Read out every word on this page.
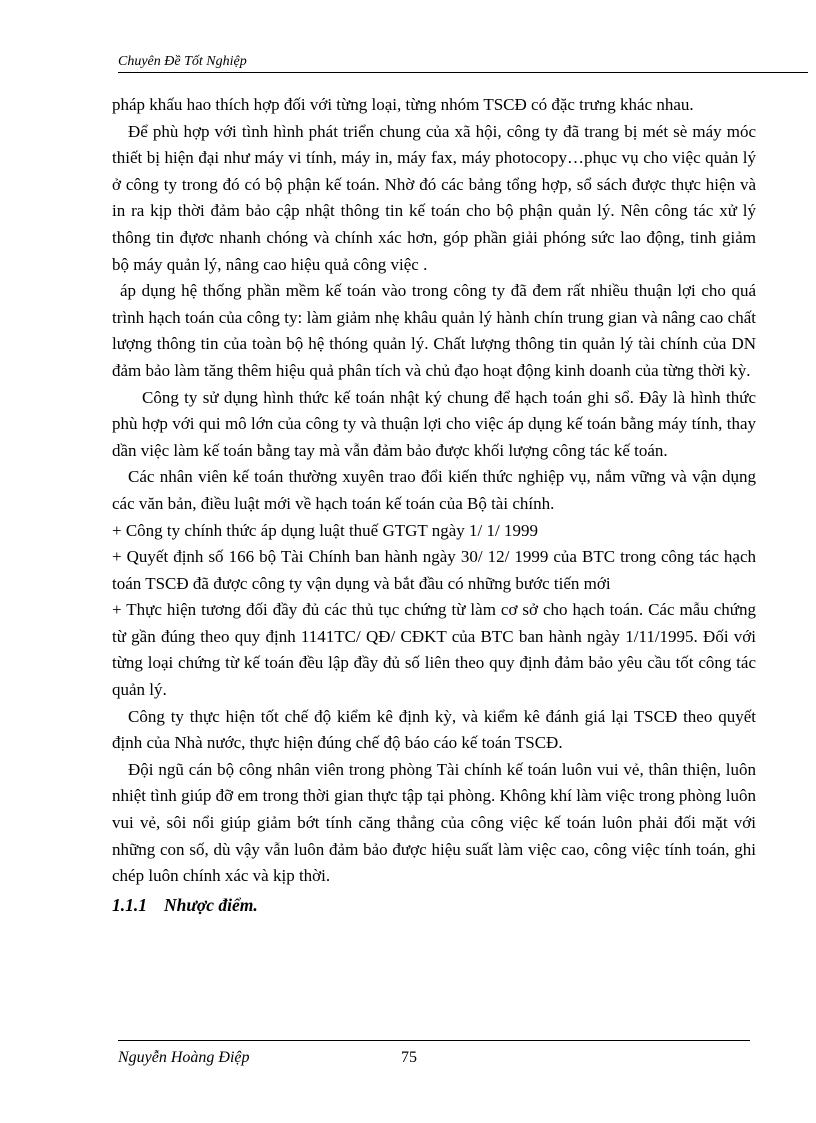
Chuyên Đề Tốt Nghiệp

pháp khấu hao thích hợp đối với từng loại, từng nhóm TSCĐ có đặc trưng khác nhau.

Để phù hợp với tình hình phát triển chung của xã hội, công ty đã trang bị mét sè máy móc thiết bị hiện đại như máy vi tính, máy in, máy fax, máy photocopy…phục vụ cho việc quản lý ở công ty trong đó có bộ phận kế toán. Nhờ đó các bảng tổng hợp, sổ sách được thực hiện và in ra kịp thời đảm bảo cập nhật thông tin kế toán cho bộ phận quản lý. Nên công tác xử lý thông tin đựơc nhanh chóng và chính xác hơn, góp phần giải phóng sức lao động, tinh giảm bộ máy quản lý, nâng cao hiệu quả công việc .

áp dụng hệ thống phần mềm kế toán vào trong công ty đã đem rất nhiều thuận lợi cho quá trình hạch toán của công ty: làm giảm nhẹ khâu quản lý hành chín trung gian và nâng cao chất lượng thông tin của toàn bộ hệ thóng quản lý. Chất lượng thông tin quản lý tài chính của DN đảm bảo làm tăng thêm hiệu quả phân tích và chủ đạo hoạt động kinh doanh của từng thời kỳ.

Công ty sử dụng hình thức kế toán nhật ký chung để hạch toán ghi sổ. Đây là hình thức phù hợp với qui mô lớn của công ty và thuận lợi cho việc áp dụng kế toán bằng máy tính, thay dần việc làm kế toán bằng tay mà vẫn đảm bảo được khối lượng công tác kế toán.

Các nhân viên kế toán thường xuyên trao đổi kiến thức nghiệp vụ, nắm vững và vận dụng các văn bản, điều luật mới về hạch toán kế toán của Bộ tài chính.

+ Công ty chính thức áp dụng luật thuế GTGT ngày 1/ 1/ 1999

+ Quyết định số 166 bộ Tài Chính ban hành ngày 30/ 12/ 1999 của BTC trong công tác hạch toán TSCĐ đã được công ty vận dụng và bắt đầu có những bước tiến mới

+ Thực hiện tương đối đầy đủ các thủ tục chứng từ làm cơ sở cho hạch toán. Các mẫu chứng từ gần đúng theo quy định 1141TC/ QĐ/ CĐKT của BTC ban hành ngày 1/11/1995. Đối với từng loại chứng từ kế toán đều lập đầy đủ số liên theo quy định đảm bảo yêu cầu tốt công tác quản lý.

Công ty thực hiện tốt chế độ kiểm kê định kỳ, và kiểm kê đánh giá lại TSCĐ theo quyết định của Nhà nước, thực hiện đúng chế độ báo cáo kế toán TSCĐ.

Đội ngũ cán bộ công nhân viên trong phòng Tài chính kế toán luôn vui vẻ, thân thiện, luôn nhiệt tình giúp đỡ em trong thời gian thực tập tại phòng. Không khí làm việc trong phòng luôn vui vẻ, sôi nổi giúp giảm bớt tính căng thẳng của công việc kế toán luôn phải đối mặt với những con số, dù vậy vẫn luôn đảm bảo được hiệu suất làm việc cao, công việc tính toán, ghi chép luôn chính xác và kịp thời.

1.1.1 Nhược điểm.
Nguyễn Hoàng Điệp	75
